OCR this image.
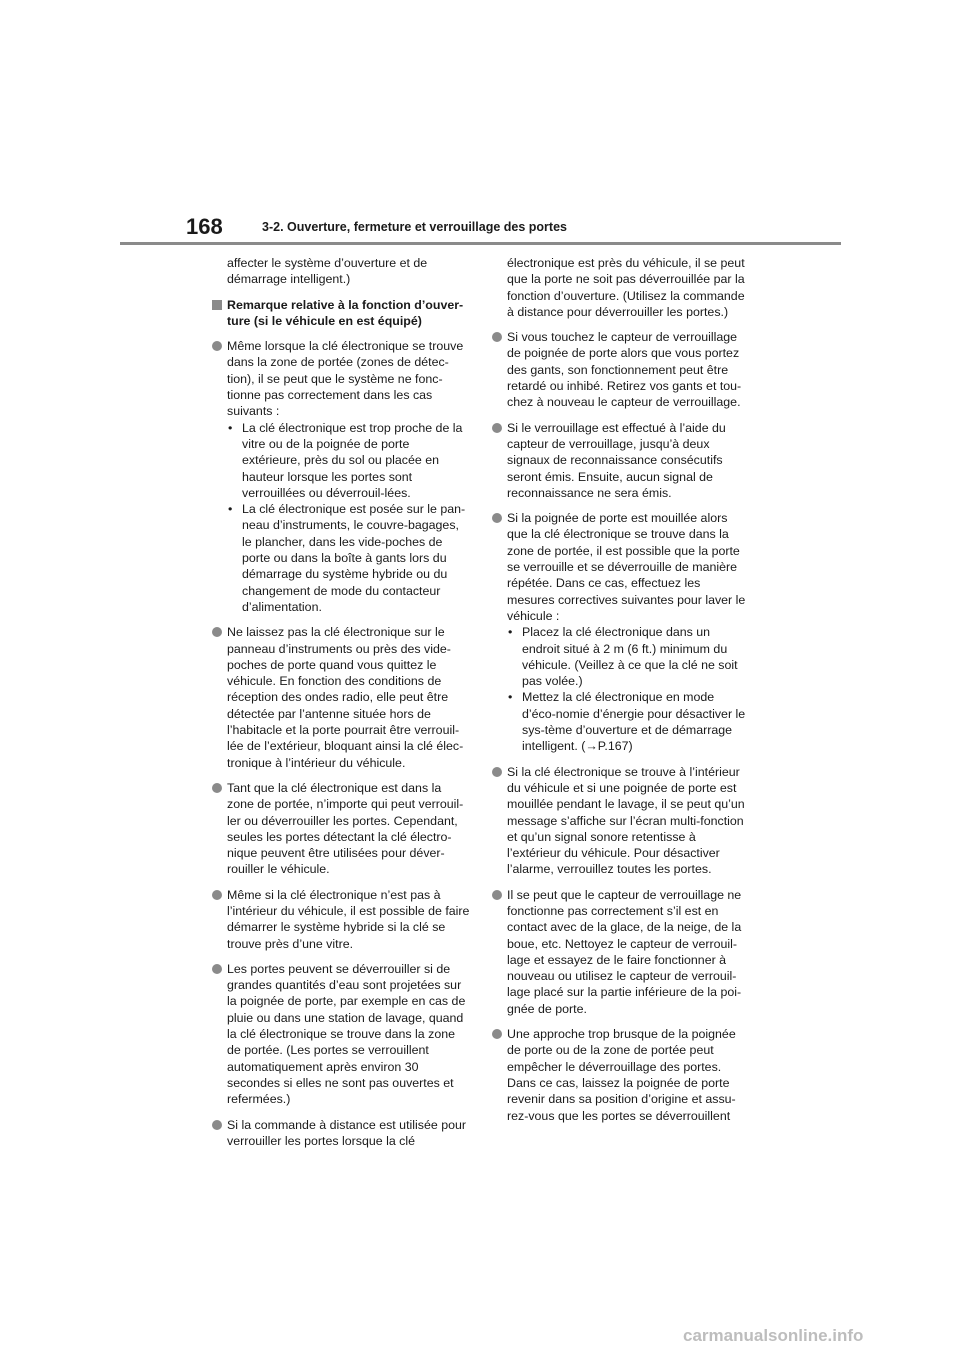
168	3-2. Ouverture, fermeture et verrouillage des portes

affecter le système d’ouverture et de démarrage intelligent.)

Remarque relative à la fonction d’ouver-ture (si le véhicule en est équipé)
Même lorsque la clé électronique se trouve dans la zone de portée (zones de détec-tion), il se peut que le système ne fonc-tionne pas correctement dans les cas suivants :
• La clé électronique est trop proche de la vitre ou de la poignée de porte extérieure, près du sol ou placée en hauteur lorsque les portes sont verrouillées ou déverrouil-lées.
• La clé électronique est posée sur le pan-neau d’instruments, le couvre-bagages, le plancher, dans les vide-poches de porte ou dans la boîte à gants lors du démarrage du système hybride ou du changement de mode du contacteur d’alimentation.
Ne laissez pas la clé électronique sur le panneau d’instruments ou près des vide-poches de porte quand vous quittez le véhicule. En fonction des conditions de réception des ondes radio, elle peut être détectée par l’antenne située hors de l’habitacle et la porte pourrait être verrouil-lée de l’extérieur, bloquant ainsi la clé élec-tronique à l’intérieur du véhicule.
Tant que la clé électronique est dans la zone de portée, n’importe qui peut verrouil-ler ou déverrouiller les portes. Cependant, seules les portes détectant la clé électro-nique peuvent être utilisées pour déver-rouiller le véhicule.
Même si la clé électronique n’est pas à l’intérieur du véhicule, il est possible de faire démarrer le système hybride si la clé se trouve près d’une vitre.
Les portes peuvent se déverrouiller si de grandes quantités d’eau sont projetées sur la poignée de porte, par exemple en cas de pluie ou dans une station de lavage, quand la clé électronique se trouve dans la zone de portée. (Les portes se verrouillent automatiquement après environ 30 secondes si elles ne sont pas ouvertes et refermées.)
Si la commande à distance est utilisée pour verrouiller les portes lorsque la clé

électronique est près du véhicule, il se peut que la porte ne soit pas déverrouillée par la fonction d’ouverture. (Utilisez la commande à distance pour déverrouiller les portes.)

Si vous touchez le capteur de verrouillage de poignée de porte alors que vous portez des gants, son fonctionnement peut être retardé ou inhibé. Retirez vos gants et tou-chez à nouveau le capteur de verrouillage.
Si le verrouillage est effectué à l’aide du capteur de verrouillage, jusqu’à deux signaux de reconnaissance consécutifs seront émis. Ensuite, aucun signal de reconnaissance ne sera émis.
Si la poignée de porte est mouillée alors que la clé électronique se trouve dans la zone de portée, il est possible que la porte se verrouille et se déverrouille de manière répétée. Dans ce cas, effectuez les mesures correctives suivantes pour laver le véhicule :
• Placez la clé électronique dans un endroit situé à 2 m (6 ft.) minimum du véhicule. (Veillez à ce que la clé ne soit pas volée.)
• Mettez la clé électronique en mode d’éco-nomie d’énergie pour désactiver le sys-tème d’ouverture et de démarrage intelligent. (→P.167)
Si la clé électronique se trouve à l’intérieur du véhicule et si une poignée de porte est mouillée pendant le lavage, il se peut qu’un message s’affiche sur l’écran multi-fonction et qu’un signal sonore retentisse à l’extérieur du véhicule. Pour désactiver l’alarme, verrouillez toutes les portes.
Il se peut que le capteur de verrouillage ne fonctionne pas correctement s’il est en contact avec de la glace, de la neige, de la boue, etc. Nettoyez le capteur de verrouil-lage et essayez de le faire fonctionner à nouveau ou utilisez le capteur de verrouil-lage placé sur la partie inférieure de la poi-gnée de porte.
Une approche trop brusque de la poignée de porte ou de la zone de portée peut empêcher le déverrouillage des portes. Dans ce cas, laissez la poignée de porte revenir dans sa position d’origine et assu-rez-vous que les portes se déverrouillent
carmanualsonline.info
